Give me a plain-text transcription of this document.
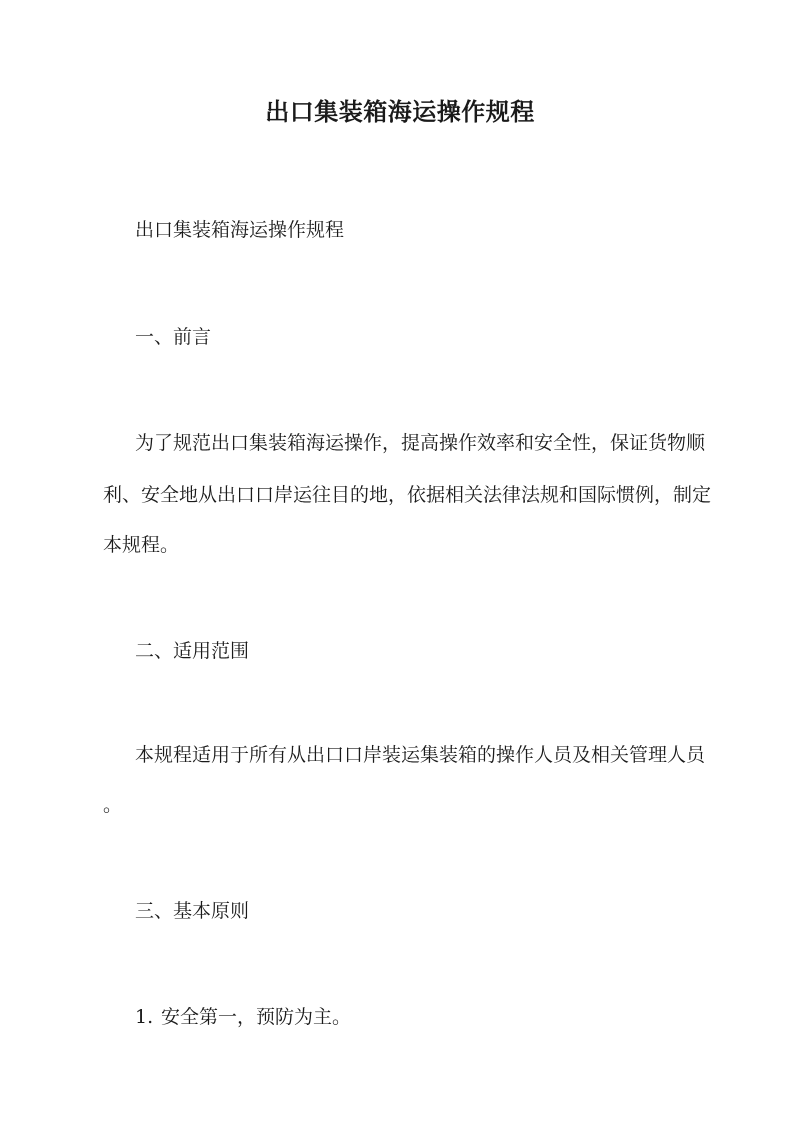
出口集装箱海运操作规程
出口集装箱海运操作规程
一、前言
为了规范出口集装箱海运操作，提高操作效率和安全性，保证货物顺
利、安全地从出口口岸运往目的地，依据相关法律法规和国际惯例，制定
本规程。
二、适用范围
本规程适用于所有从出口口岸装运集装箱的操作人员及相关管理人员
。
三、基本原则
1. 安全第一，预防为主。
